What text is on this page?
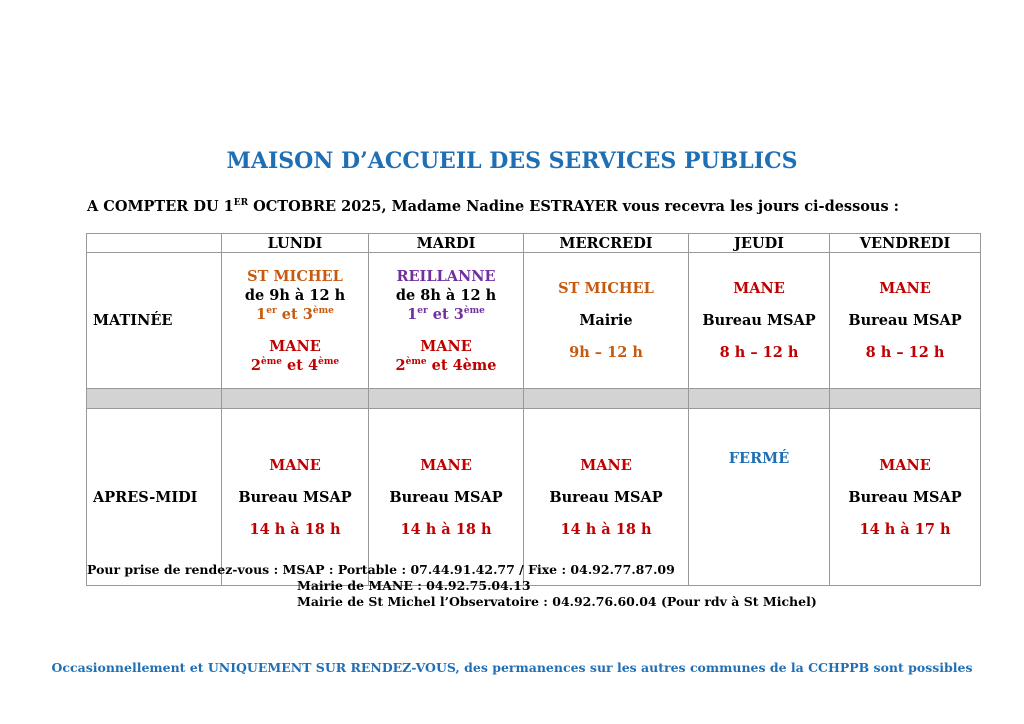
MAISON D’ACCUEIL DES SERVICES PUBLICS
A COMPTER DU 1ER OCTOBRE 2025, Madame Nadine ESTRAYER vous recevra les jours ci-dessous :
	LUNDI	MARDI	MERCREDI	JEUDI	VENDREDI
MATINÉE	ST MICHEL
de 9h à 12 h
1er et 3ème
MANE
2ème et 4ème	REILLANNE
de 8h à 12 h
1er et 3ème
MANE
2ème et 4ème	ST MICHEL
Mairie
9h – 12 h	MANE
Bureau MSAP
8 h – 12 h	MANE
Bureau MSAP
8 h – 12 h

APRES-MIDI	MANE
Bureau MSAP
14 h à 18 h	MANE
Bureau MSAP
14 h à 18 h	MANE
Bureau MSAP
14 h à 18 h	FERMÉ	MANE
Bureau MSAP
14 h à 17 h
Pour prise de rendez-vous : MSAP : Portable : 07.44.91.42.77 / Fixe : 04.92.77.87.09
Mairie de MANE : 04.92.75.04.13
Mairie de St Michel l’Observatoire : 04.92.76.60.04 (Pour rdv à St Michel)
Occasionnellement et UNIQUEMENT SUR RENDEZ-VOUS, des permanences sur les autres communes de la CCHPPB sont possibles
